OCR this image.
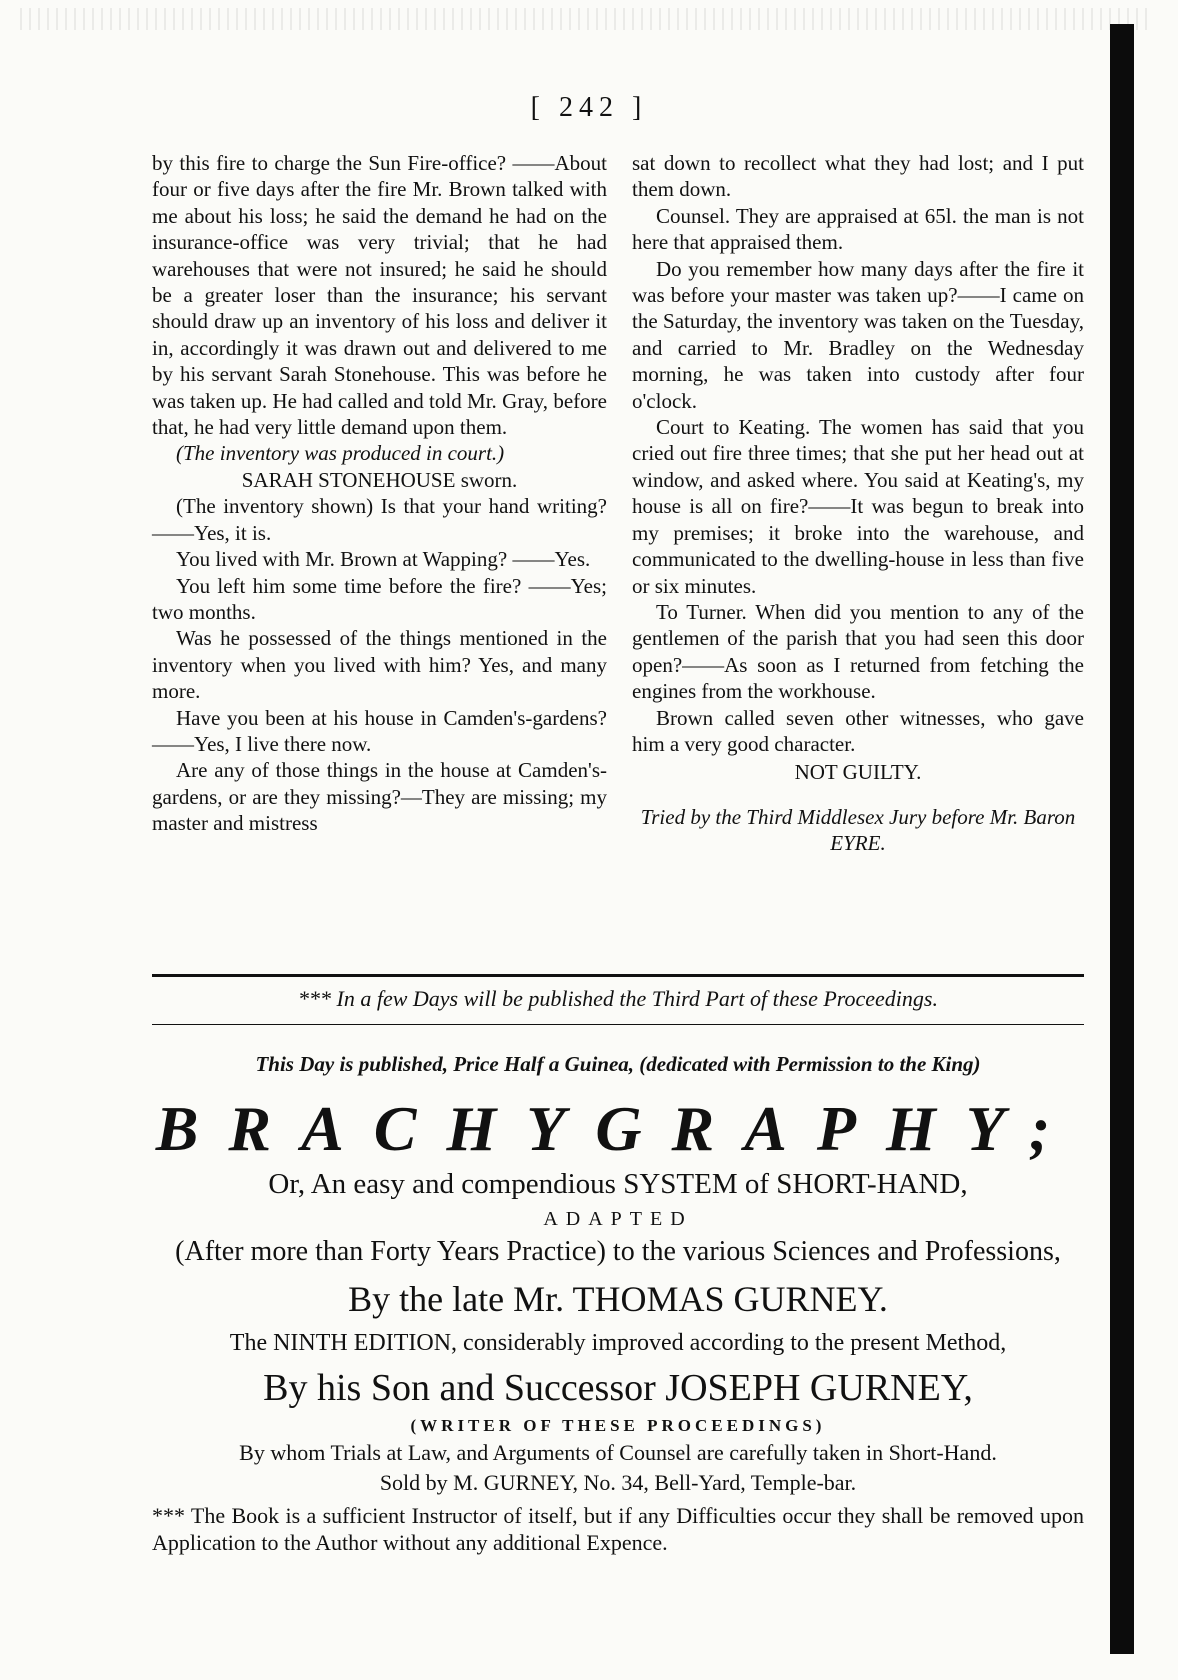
[ 242 ]

by this fire to charge the Sun Fire-office? ——About four or five days after the fire Mr. Brown talked with me about his loss; he said the demand he had on the insurance-office was very trivial; that he had warehouses that were not insured; he said he should be a greater loser than the insurance; his servant should draw up an inventory of his loss and deliver it in, accordingly it was drawn out and delivered to me by his servant Sarah Stonehouse. This was before he was taken up. He had called and told Mr. Gray, before that, he had very little demand upon them.

(The inventory was produced in court.)

SARAH STONEHOUSE sworn.

(The inventory shown) Is that your hand writing?——Yes, it is.

You lived with Mr. Brown at Wapping? ——Yes.

You left him some time before the fire? ——Yes; two months.

Was he possessed of the things mentioned in the inventory when you lived with him? Yes, and many more.

Have you been at his house in Camden's-gardens?——Yes, I live there now.

Are any of those things in the house at Camden's-gardens, or are they missing?—They are missing; my master and mistress

sat down to recollect what they had lost; and I put them down.

Counsel. They are appraised at 65l. the man is not here that appraised them.

Do you remember how many days after the fire it was before your master was taken up?——I came on the Saturday, the inventory was taken on the Tuesday, and carried to Mr. Bradley on the Wednesday morning, he was taken into custody after four o'clock.

Court to Keating. The women has said that you cried out fire three times; that she put her head out at window, and asked where. You said at Keating's, my house is all on fire?——It was begun to break into my premises; it broke into the warehouse, and communicated to the dwelling-house in less than five or six minutes.

To Turner. When did you mention to any of the gentlemen of the parish that you had seen this door open?——As soon as I returned from fetching the engines from the workhouse.

Brown called seven other witnesses, who gave him a very good character.

NOT GUILTY.

Tried by the Third Middlesex Jury before Mr. Baron EYRE.

*** In a few Days will be published the Third Part of these Proceedings.
This Day is published, Price Half a Guinea, (dedicated with Permission to the King)
BRACHYGRAPHY;
Or, An easy and compendious SYSTEM of SHORT-HAND,
ADAPTED
(After more than Forty Years Practice) to the various Sciences and Professions,
By the late Mr. THOMAS GURNEY.
The NINTH EDITION, considerably improved according to the present Method,
By his Son and Successor JOSEPH GURNEY,
(WRITER OF THESE PROCEEDINGS)
By whom Trials at Law, and Arguments of Counsel are carefully taken in Short-Hand.
Sold by M. GURNEY, No. 34, Bell-Yard, Temple-bar.
*** The Book is a sufficient Instructor of itself, but if any Difficulties occur they shall be removed upon Application to the Author without any additional Expence.
